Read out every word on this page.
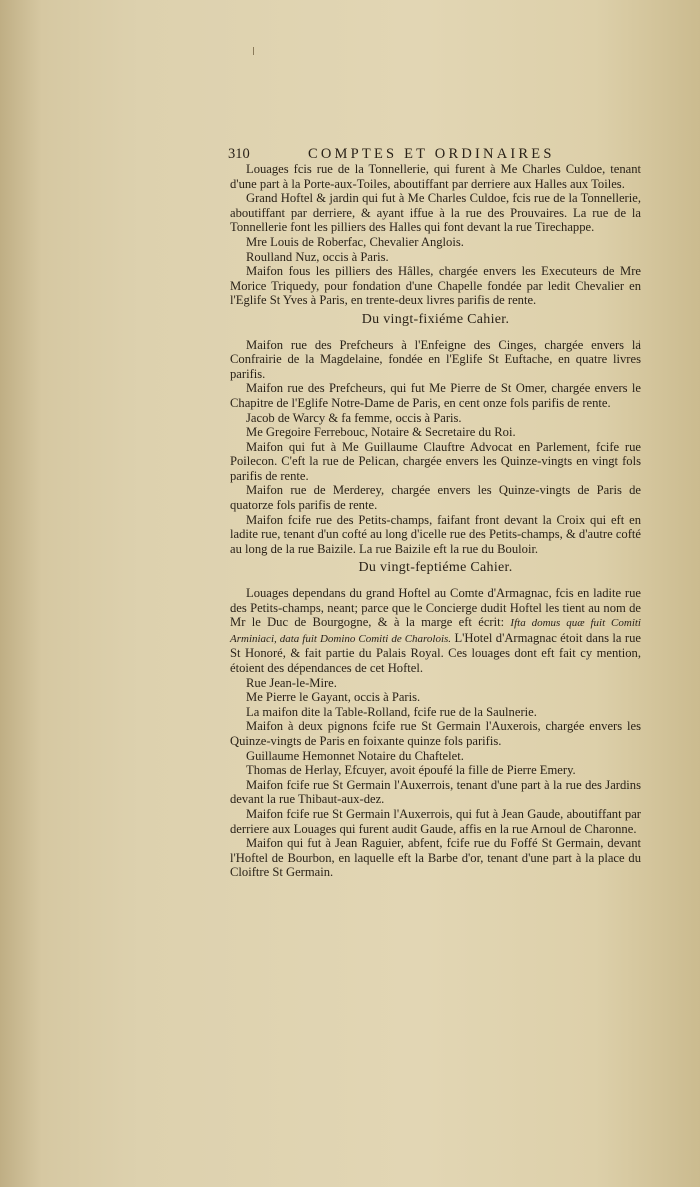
310	COMPTES ET ORDINAIRES

Louages fcis rue de la Tonnellerie, qui furent à Me Charles Culdoe, tenant d'une part à la Porte-aux-Toiles, aboutiffant par derriere aux Halles aux Toiles.

Grand Hoftel & jardin qui fut à Me Charles Culdoe, fcis rue de la Tonnellerie, aboutiffant par derriere, & ayant iffue à la rue des Prouvaires. La rue de la Tonnellerie font les pilliers des Halles qui font devant la rue Tirechappe.

Mre Louis de Roberfac, Chevalier Anglois.

Roulland Nuz, occis à Paris.

Maifon fous les pilliers des Hâlles, chargée envers les Executeurs de Mre Morice Triquedy, pour fondation d'une Chapelle fondée par ledit Chevalier en l'Eglife St Yves à Paris, en trente-deux livres parifis de rente.

Du vingt-fixiéme Cahier.

Maifon rue des Prefcheurs à l'Enfeigne des Cinges, chargée envers la Confrairie de la Magdelaine, fondée en l'Eglife St Euftache, en quatre livres parifis.

Maifon rue des Prefcheurs, qui fut Me Pierre de St Omer, chargée envers le Chapitre de l'Eglife Notre-Dame de Paris, en cent onze fols parifis de rente.

Jacob de Warcy & fa femme, occis à Paris.

Me Gregoire Ferrebouc, Notaire & Secretaire du Roi.

Maifon qui fut à Me Guillaume Clauftre Advocat en Parlement, fcife rue Poilecon. C'eft la rue de Pelican, chargée envers les Quinze-vingts en vingt fols parifis de rente.

Maifon rue de Merderey, chargée envers les Quinze-vingts de Paris de quatorze fols parifis de rente.

Maifon fcife rue des Petits-champs, faifant front devant la Croix qui eft en ladite rue, tenant d'un cofté au long d'icelle rue des Petits-champs, & d'autre cofté au long de la rue Baizile. La rue Baizile eft la rue du Bouloir.

Du vingt-feptiéme Cahier.

Louages dependans du grand Hoftel au Comte d'Armagnac, fcis en ladite rue des Petits-champs, neant; parce que le Concierge dudit Hoftel les tient au nom de Mr le Duc de Bourgogne, & à la marge eft écrit: Ifta domus quæ fuit Comiti Arminiaci, data fuit Domino Comiti de Charolois. L'Hotel d'Armagnac étoit dans la rue St Honoré, & fait partie du Palais Royal. Ces louages dont eft fait cy mention, étoient des dépendances de cet Hoftel.

Rue Jean-le-Mire.

Me Pierre le Gayant, occis à Paris.

La maifon dite la Table-Rolland, fcife rue de la Saulnerie.

Maifon à deux pignons fcife rue St Germain l'Auxerois, chargée envers les Quinze-vingts de Paris en foixante quinze fols parifis.

Guillaume Hemonnet Notaire du Chaftelet.

Thomas de Herlay, Efcuyer, avoit époufé la fille de Pierre Emery.

Maifon fcife rue St Germain l'Auxerrois, tenant d'une part à la rue des Jardins devant la rue Thibaut-aux-dez.

Maifon fcife rue St Germain l'Auxerrois, qui fut à Jean Gaude, aboutiffant par derriere aux Louages qui furent audit Gaude, affis en la rue Arnoul de Charonne.

Maifon qui fut à Jean Raguier, abfent, fcife rue du Foffé St Germain, devant l'Hoftel de Bourbon, en laquelle eft la Barbe d'or, tenant d'une part à la place du Cloiftre St Germain.
